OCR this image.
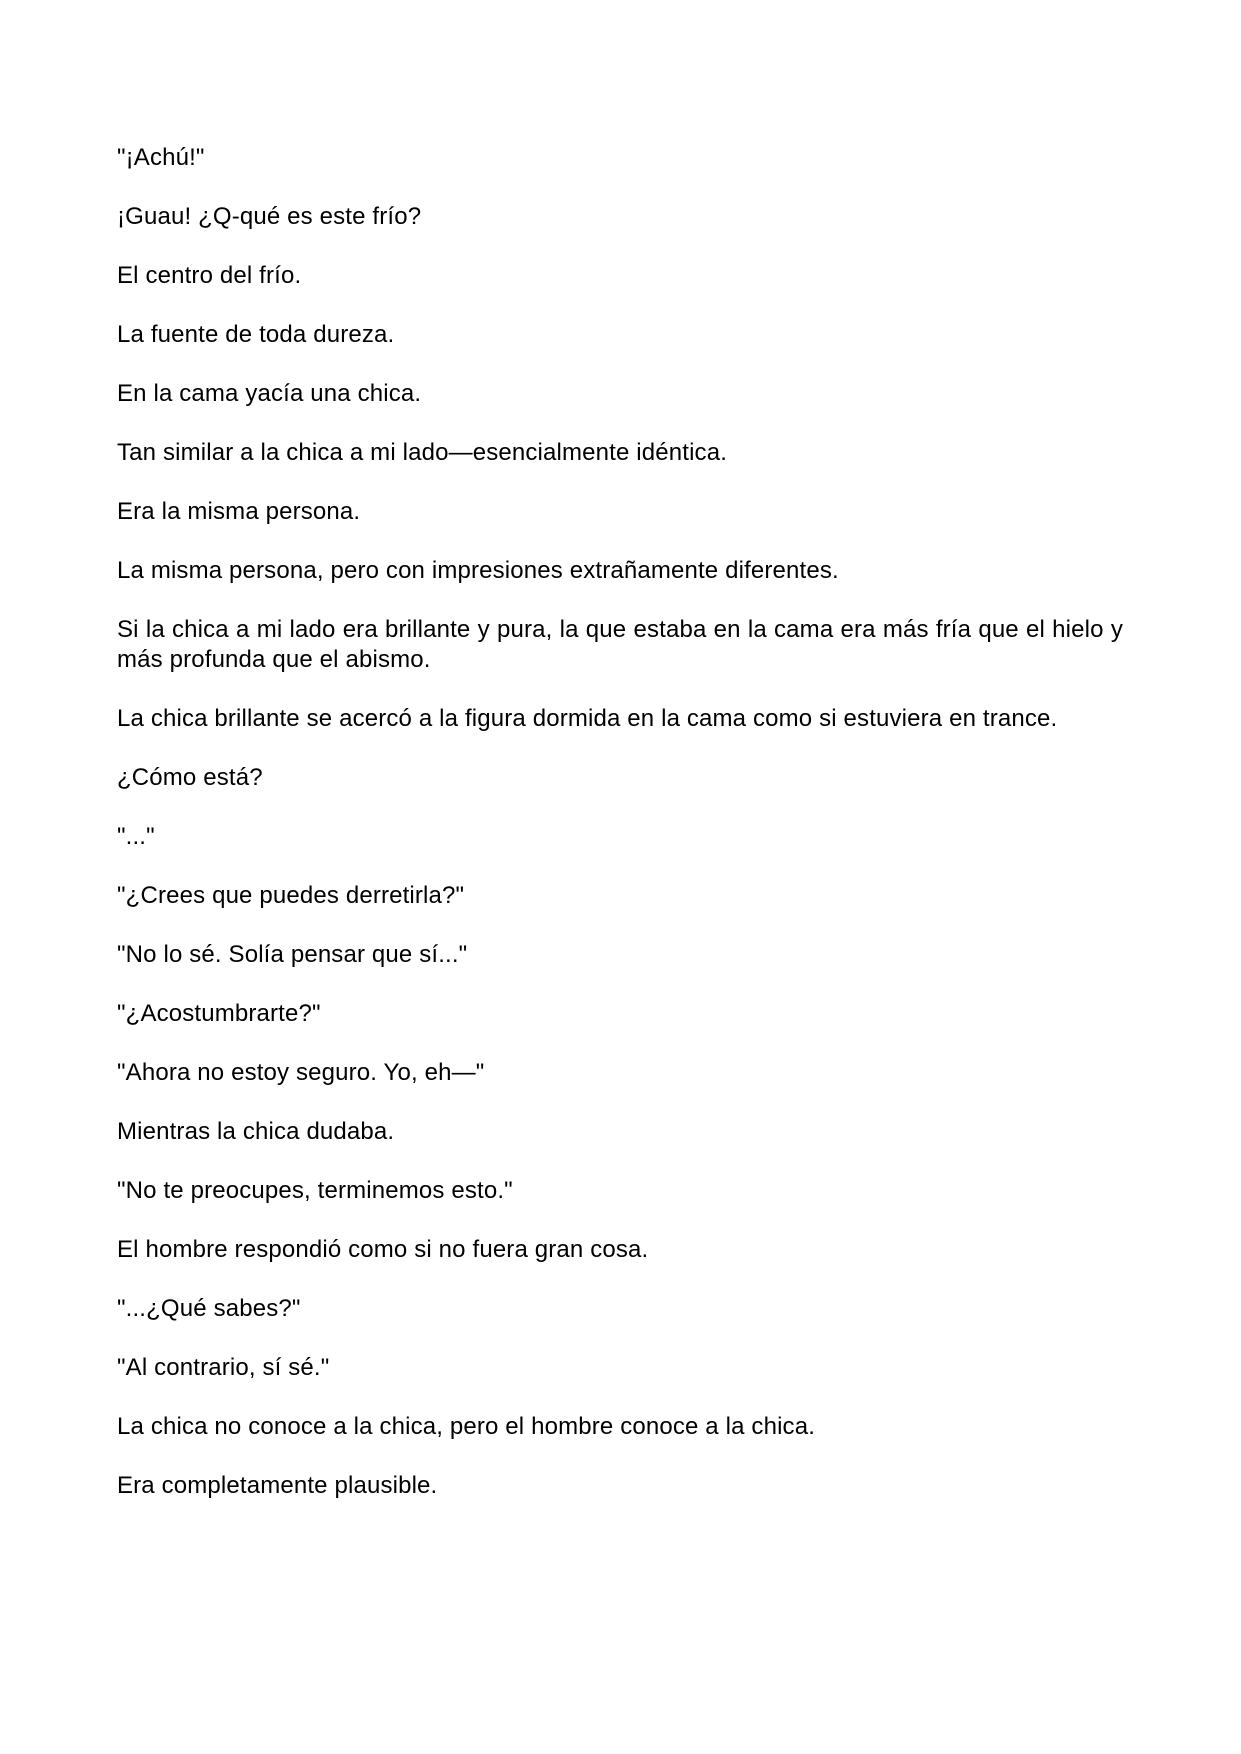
"¡Achú!"

¡Guau! ¿Q-qué es este frío?

El centro del frío.

La fuente de toda dureza.

En la cama yacía una chica.

Tan similar a la chica a mi lado—esencialmente idéntica.

Era la misma persona.

La misma persona, pero con impresiones extrañamente diferentes.

Si la chica a mi lado era brillante y pura, la que estaba en la cama era más fría que el hielo y más profunda que el abismo.

La chica brillante se acercó a la figura dormida en la cama como si estuviera en trance.

¿Cómo está?

"..."

"¿Crees que puedes derretirla?"

"No lo sé. Solía pensar que sí..."

"¿Acostumbrarte?"

"Ahora no estoy seguro. Yo, eh—"

Mientras la chica dudaba.

"No te preocupes, terminemos esto."

El hombre respondió como si no fuera gran cosa.

"...¿Qué sabes?"

"Al contrario, sí sé."

La chica no conoce a la chica, pero el hombre conoce a la chica.

Era completamente plausible.
